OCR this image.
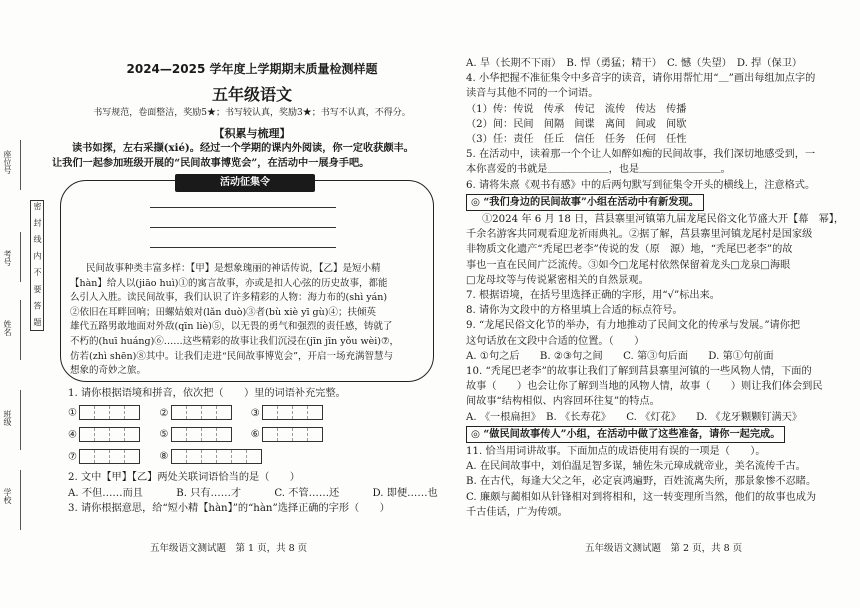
座位号
考号
姓名
班级
学校
密 封 线 内 不 要 答 题
2024—2025 学年度上学期期末质量检测样题
五年级语文
书写规范，卷面整洁，奖励5★；书写较认真，奖励3★；书写不认真，不得分。
【积累与梳理】
读书如探，左右采撷(xié)。经过一个学期的课内外阅读，你一定收获颇丰。
让我们一起参加班级开展的“民间故事博览会”，在活动中一展身手吧。
活动征集令
民间故事种类丰富多样：【甲】是想象瑰丽的神话传说，【乙】是短小精
【hàn】给人以(jiāo huì)①的寓言故事，亦或是扣人心弦的历史故事，都能
么引人入胜。读民间故事，我们认识了许多精彩的人物：海力布的(shì yán)
②依旧在耳畔回响；田螺姑娘对(lǎn duò)③者(bù xiè yī gù)④；扶倾英
雄代五路男敢地面对外敌(qīn liè)⑤，以无畏的勇气和强烈的责任感，铸就了
不朽的(huī huáng)⑥……这些精彩的故事让我们沉浸在(jīn jīn yǒu wèi)⑦，
仿若(zhì shēn)⑧其中。让我们走进“民间故事博览会”，开启一场充满智慧与
想象的奇妙之旅。
1. 请你根据语境和拼音，依次把（　　）里的词语补充完整。
①	②	③
④	⑤	⑥
⑦	⑧
2. 文中【甲】【乙】两处关联词语恰当的是（　　）
A. 不但……而且	B. 只有……才	C. 不管……还	D. 即便……也
3. 请你根据意思，给“短小精【hàn】”的“hàn”选择正确的字形（　　）
五年级语文测试题　第 1 页，共 8 页
A. 旱（长期不下雨）　B. 悍（勇猛；精干）　C. 憾（失望）　D. 捍（保卫）
4. 小华把握不准征集令中多音字的读音，请你用帮忙用“＿”画出每组加点字的
读音与其他不同的一个词语。
（1）传：传说　传承　传记　流传　传达　传播
（2）间：民间　间隔　间谍　离间　间或　间歇
（3）任：责任　任丘　信任　任务　任何　任性
5. 在活动中，读着那一个个让人如醉如痴的民间故事，我们深切地感受到，一
本你喜爱的书就是＿＿＿＿＿＿，也是＿＿＿＿＿＿＿＿。
6. 请将朱熹《观书有感》中的后两句默写到征集令开头的横线上，注意格式。
◎ “我们身边的民间故事”小组在活动中有新发现。
①2024 年 6 月 18 日，莒县寨里河镇第九届龙尾民俗文化节盛大开【幕　幂】，
千余名游客共同观看迎龙祈雨典礼。②据了解，莒县寨里河镇龙尾村是国家级
非物质文化遗产“秃尾巴老李”传说的发（原　源）地，“秃尾巴老李”的故
事也一直在民间广泛流传。③如今□龙尾村依然保留着龙头□龙泉□海眼
□龙母坟等与传说紧密相关的自然景观。
7. 根据语境，在括号里选择正确的字形，用“√”标出来。
8. 请你为文段中的方格里填上合适的标点符号。
9. “龙尾民俗文化节的举办，有力地推动了民间文化的传承与发展。”请你把
这句话放在文段中合适的位置。（　　）
A. ①句之后　　B. ②③句之间　　C. 第③句后面　　D. 第①句前面
10. “秃尾巴老李”的故事让我们了解到莒县寨里河镇的一些风物人情，下面的
故事（　　）也会让你了解到当地的风物人情，故事（　　）则让我们体会到民
间故事“结构相似、内容回环往复”的特点。
A. 《一根扁担》　B. 《长寿花》　　C. 《灯花》　　D. 《龙牙颗颗钉满天》
◎ “做民间故事传人”小组，在活动中做了这些准备，请你一起完成。
11. 恰当用词讲故事。下面加点的成语使用有误的一项是（　　）。
A. 在民间故事中，刘伯温足智多谋，辅佐朱元璋成就帝业，美名流传千古。
B. 在古代，每逢大父之年，必定哀鸿遍野，百姓流离失所，那景象惨不忍睹。
C. 廉颇与蔺相如从针锋相对到将相和，这一转变理所当然，他们的故事也成为
千古佳话，广为传颂。
五年级语文测试题　第 2 页，共 8 页
